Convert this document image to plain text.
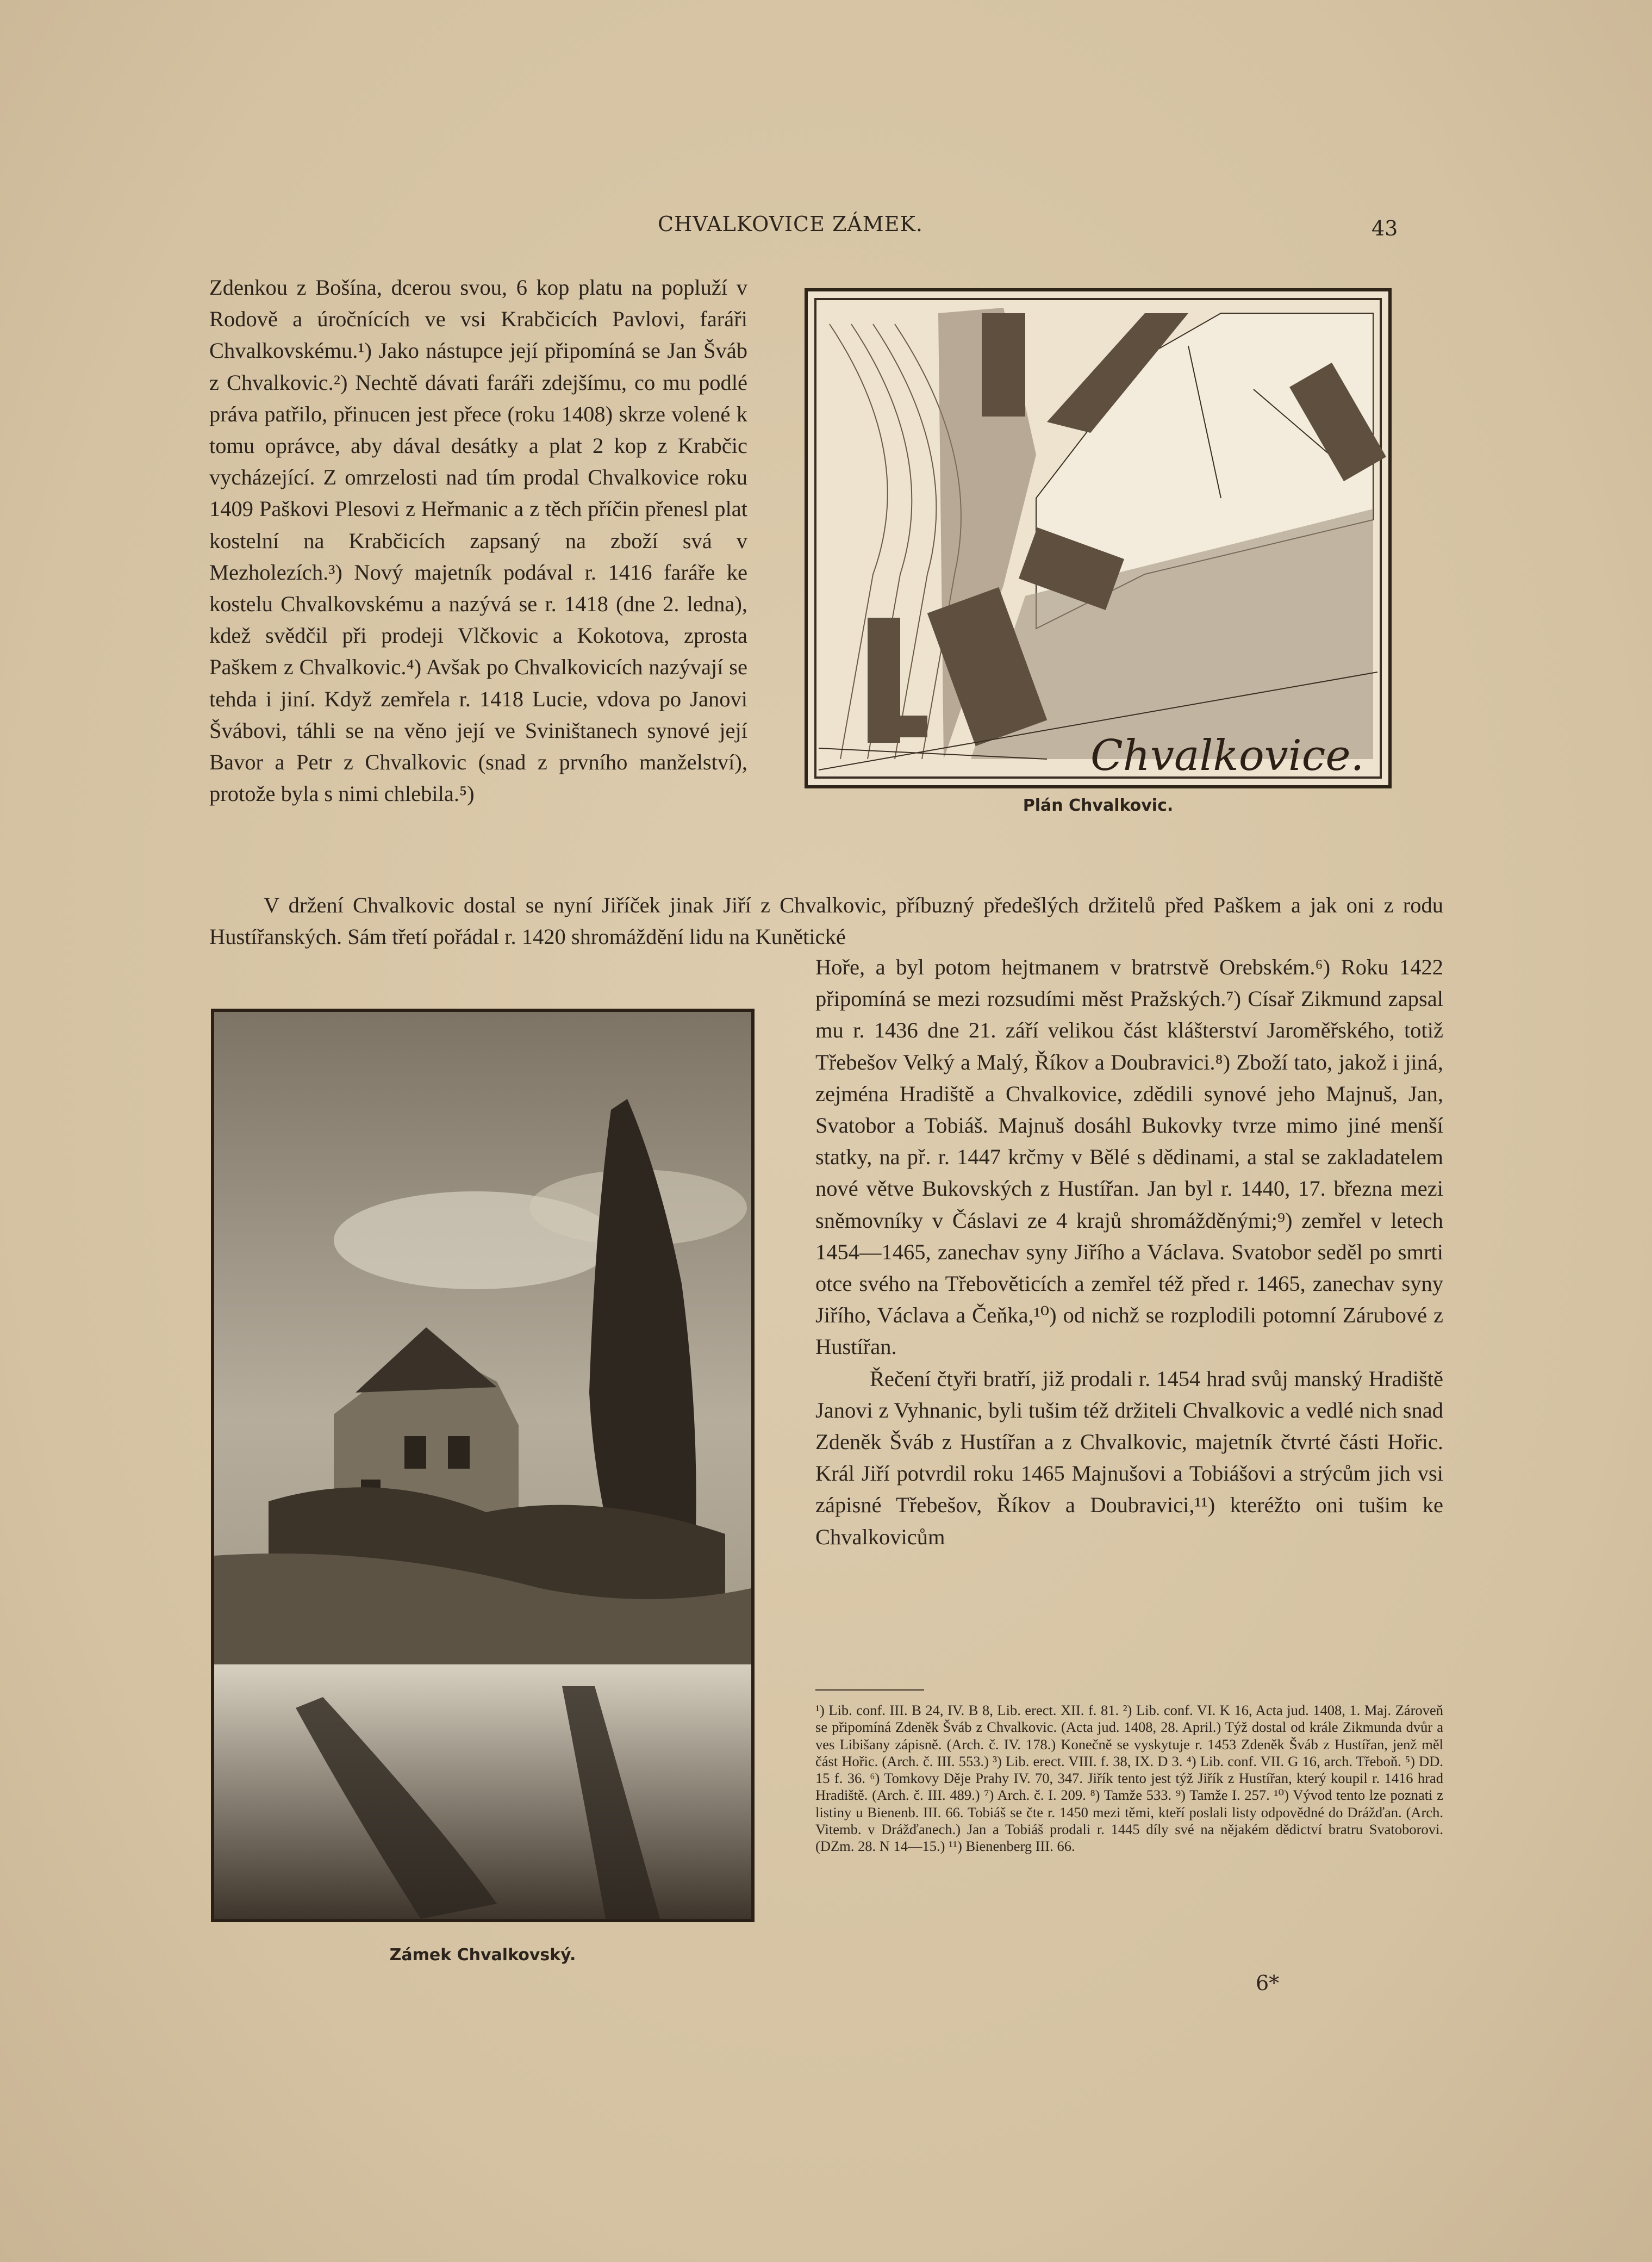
CHVALKOVICE ZÁMEK.	43

Zdenkou z Bošína, dcerou svou, 6 kop platu na popluží v Rodově a úročnících ve vsi Krabčicích Pavlovi, faráři Chvalkovskému.¹) Jako nástupce její připomíná se Jan Šváb z Chvalkovic.²) Nechtě dávati faráři zdejšímu, co mu podlé práva patřilo, přinucen jest přece (roku 1408) skrze volené k tomu oprávce, aby dával desátky a plat 2 kop z Krabčic vycházející. Z omrzelosti nad tím prodal Chvalkovice roku 1409 Paškovi Plesovi z Heřmanic a z těch příčin přenesl plat kostelní na Krabčicích zapsaný na zboží svá v Mezholezích.³) Nový majetník podával r. 1416 faráře ke kostelu Chvalkovskému a nazývá se r. 1418 (dne 2. ledna), kdež svědčil při prodeji Vlčkovic a Kokotova, zprosta Paškem z Chvalkovic.⁴) Avšak po Chvalkovicích nazývají se tehda i jiní. Když zemřela r. 1418 Lucie, vdova po Janovi Švábovi, táhli se na věno její ve Sviništanech synové její Bavor a Petr z Chvalkovic (snad z prvního manželství), protože byla s nimi chlebila.⁵)

Chvalkovice.
Plán Chvalkovic.

V držení Chvalkovic dostal se nyní Jiříček jinak Jiří z Chvalkovic, příbuzný předešlých držitelů před Paškem a jak oni z rodu Hustířanských. Sám třetí pořádal r. 1420 shromáždění lidu na Kunětické

Zámek Chvalkovský.

Hoře, a byl potom hejtmanem v bratrstvě Orebském.⁶) Roku 1422 připomíná se mezi rozsudími měst Pražských.⁷) Císař Zikmund zapsal mu r. 1436 dne 21. září velikou část klášterství Jaroměřského, totiž Třebešov Velký a Malý, Říkov a Doubravici.⁸) Zboží tato, jakož i jiná, zejména Hradiště a Chvalkovice, zdědili synové jeho Majnuš, Jan, Svatobor a Tobiáš. Majnuš dosáhl Bukovky tvrze mimo jiné menší statky, na př. r. 1447 krčmy v Bělé s dědinami, a stal se zakladatelem nové větve Bukovských z Hustířan. Jan byl r. 1440, 17. března mezi sněmovníky v Čáslavi ze 4 krajů shromážděnými;⁹) zemřel v letech 1454—1465, zanechav syny Jiřího a Václava. Svatobor seděl po smrti otce svého na Třebověticích a zemřel též před r. 1465, zanechav syny Jiřího, Václava a Čeňka,¹⁰) od nichž se rozplodili potomní Zárubové z Hustířan.

Řečení čtyři bratří, již prodali r. 1454 hrad svůj manský Hradiště Janovi z Vyhnanic, byli tušim též držiteli Chvalkovic a vedlé nich snad Zdeněk Šváb z Hustířan a z Chvalkovic, majetník čtvrté části Hořic. Král Jiří potvrdil roku 1465 Majnušovi a Tobiášovi a strýcům jich vsi zápisné Třebešov, Říkov a Doubravici,¹¹) kteréžto oni tušim ke Chvalkovicům

¹) Lib. conf. III. B 24, IV. B 8, Lib. erect. XII. f. 81. ²) Lib. conf. VI. K 16, Acta jud. 1408, 1. Maj. Zároveň se připomíná Zdeněk Šváb z Chvalkovic. (Acta jud. 1408, 28. April.) Týž dostal od krále Zikmunda dvůr a ves Libišany zápisně. (Arch. č. IV. 178.) Konečně se vyskytuje r. 1453 Zdeněk Šváb z Hustířan, jenž měl část Hořic. (Arch. č. III. 553.) ³) Lib. erect. VIII. f. 38, IX. D 3. ⁴) Lib. conf. VII. G 16, arch. Třeboň. ⁵) DD. 15 f. 36. ⁶) Tomkovy Děje Prahy IV. 70, 347. Jiřík tento jest týž Jiřík z Hustířan, který koupil r. 1416 hrad Hradiště. (Arch. č. III. 489.) ⁷) Arch. č. I. 209. ⁸) Tamže 533. ⁹) Tamže I. 257. ¹⁰) Vývod tento lze poznati z listiny u Bienenb. III. 66. Tobiáš se čte r. 1450 mezi těmi, kteří poslali listy odpovědné do Drážďan. (Arch. Vitemb. v Drážďanech.) Jan a Tobiáš prodali r. 1445 díly své na nějakém dědictví bratru Svatoborovi. (DZm. 28. N 14—15.) ¹¹) Bienenberg III. 66.
6*
